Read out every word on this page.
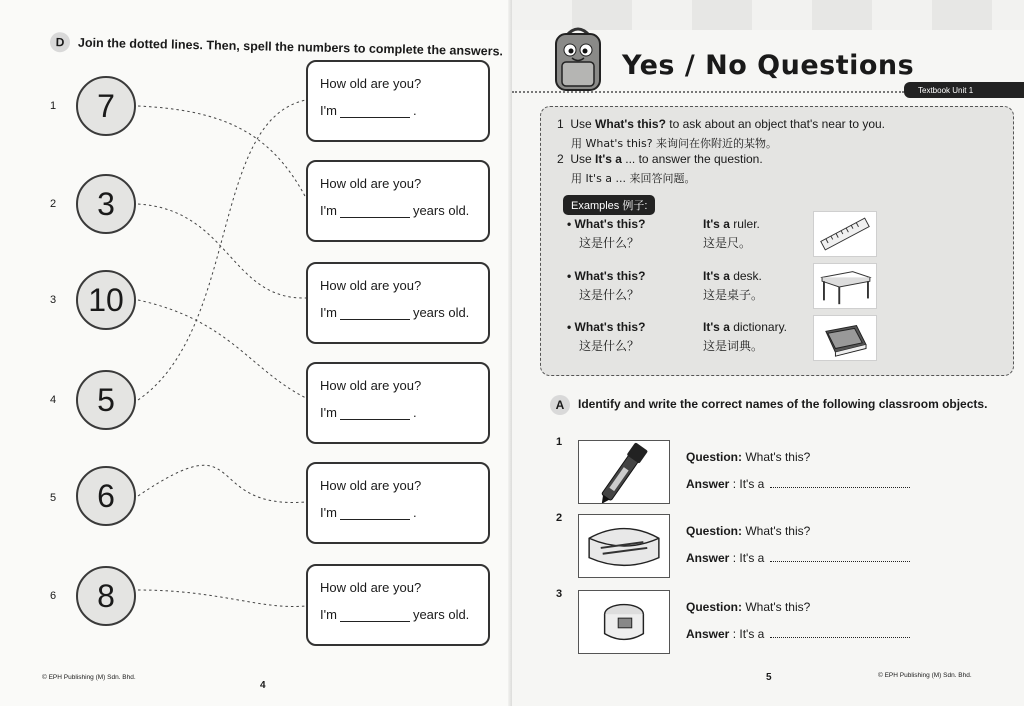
D	Join the dotted lines. Then, spell the numbers to complete the answers.
1	7
2	3
3	10
4	5
5	6
6	8
How old are you?
I'm	.
How old are you?
I'm	years old.
How old are you?
I'm	years old.
How old are you?
I'm	.
How old are you?
I'm	.
How old are you?
I'm	years old.
© EPH Publishing (M) Sdn. Bhd.
4
Yes / No Questions
Textbook Unit 1
1 Use What's this? to ask about an object that's near to you.
用 What's this? 来询问在你附近的某物。
2 Use It's a ... to answer the question.
用 It's a ... 来回答问题。
Examples 例子:
• What's this?
这是什么？
It's a ruler.
这是尺。
• What's this?
这是什么？
It's a desk.
这是桌子。
• What's this?
这是什么？
It's a dictionary.
这是词典。
A	Identify and write the correct names of the following classroom objects.
1
Question: What's this?
Answer : It's a
2
Question: What's this?
Answer : It's a
3
Question: What's this?
Answer : It's a
5	© EPH Publishing (M) Sdn. Bhd.
